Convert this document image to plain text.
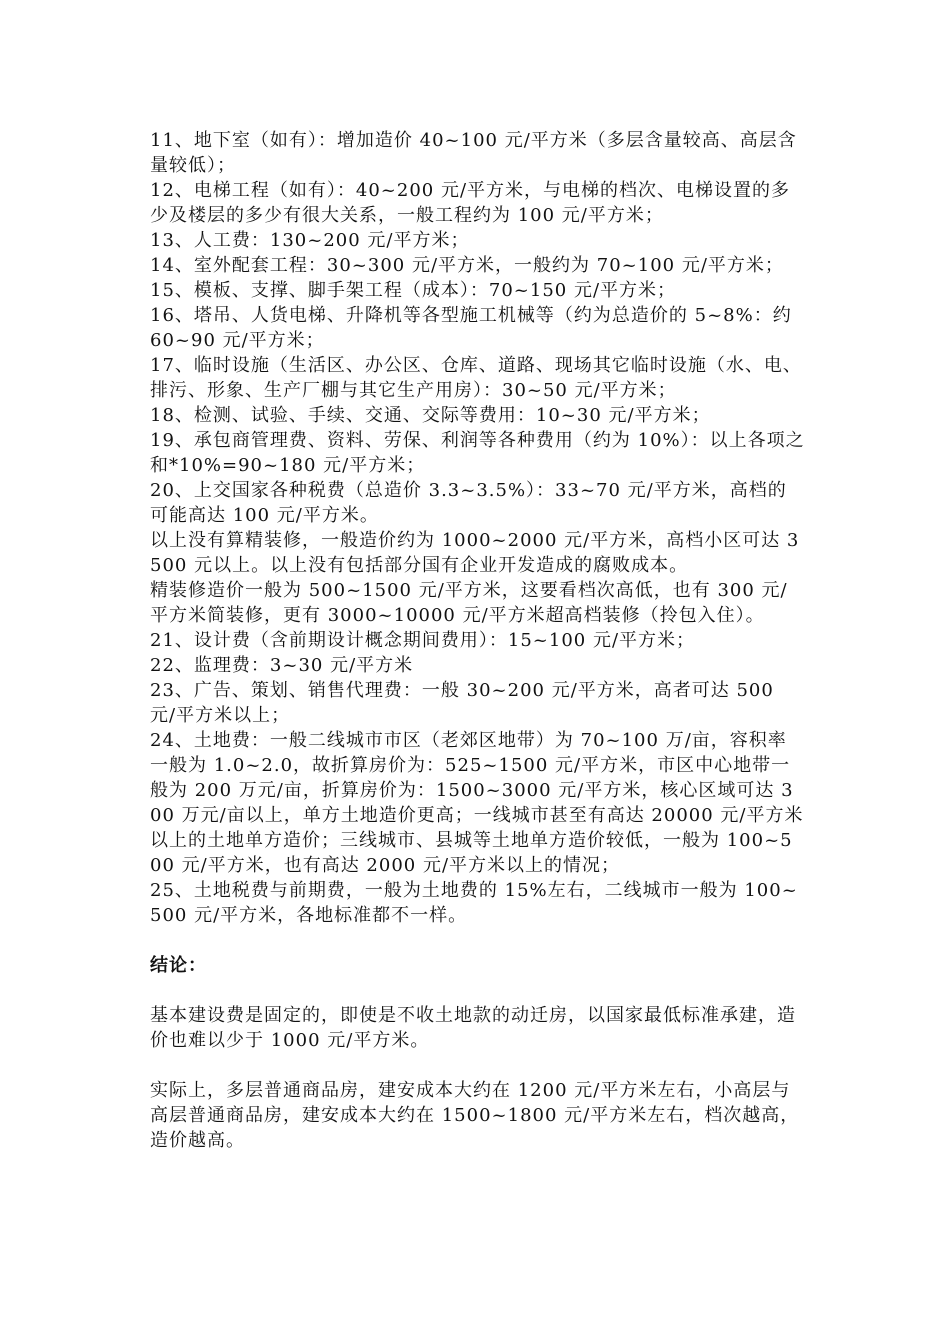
11、地下室（如有）：增加造价 40~100 元/平方米（多层含量较高、高层含量较低）；

12、电梯工程（如有）：40~200 元/平方米，与电梯的档次、电梯设置的多少及楼层的多少有很大关系，一般工程约为 100 元/平方米；

13、人工费：130~200 元/平方米；

14、室外配套工程：30~300 元/平方米，一般约为 70~100 元/平方米；

15、模板、支撑、脚手架工程（成本）：70~150 元/平方米；

16、塔吊、人货电梯、升降机等各型施工机械等（约为总造价的 5~8%：约 60~90 元/平方米；

17、临时设施（生活区、办公区、仓库、道路、现场其它临时设施（水、电、排污、形象、生产厂棚与其它生产用房）：30~50 元/平方米；

18、检测、试验、手续、交通、交际等费用：10~30 元/平方米；

19、承包商管理费、资料、劳保、利润等各种费用（约为 10%）：以上各项之和*10%=90~180 元/平方米；

20、上交国家各种税费（总造价 3.3~3.5%）：33~70 元/平方米，高档的可能高达 100 元/平方米。

以上没有算精装修，一般造价约为 1000~2000 元/平方米，高档小区可达 3500 元以上。以上没有包括部分国有企业开发造成的腐败成本。

精装修造价一般为 500~1500 元/平方米，这要看档次高低，也有 300 元/平方米简装修，更有 3000~10000 元/平方米超高档装修（拎包入住）。

21、设计费（含前期设计概念期间费用）：15~100 元/平方米；

22、监理费：3~30 元/平方米

23、广告、策划、销售代理费：一般 30~200 元/平方米，高者可达 500 元/平方米以上；

24、土地费：一般二线城市市区（老郊区地带）为 70~100 万/亩，容积率一般为 1.0~2.0，故折算房价为：525~1500 元/平方米，市区中心地带一般为 200 万元/亩，折算房价为：1500~3000 元/平方米，核心区域可达 300 万元/亩以上，单方土地造价更高；一线城市甚至有高达 20000 元/平方米以上的土地单方造价；三线城市、县城等土地单方造价较低，一般为 100~500 元/平方米，也有高达 2000 元/平方米以上的情况；

25、土地税费与前期费，一般为土地费的 15%左右，二线城市一般为 100~500 元/平方米，各地标准都不一样。

结论：

基本建设费是固定的，即使是不收土地款的动迁房，以国家最低标准承建，造价也难以少于 1000 元/平方米。

实际上，多层普通商品房，建安成本大约在 1200 元/平方米左右，小高层与高层普通商品房，建安成本大约在 1500~1800 元/平方米左右，档次越高，造价越高。
